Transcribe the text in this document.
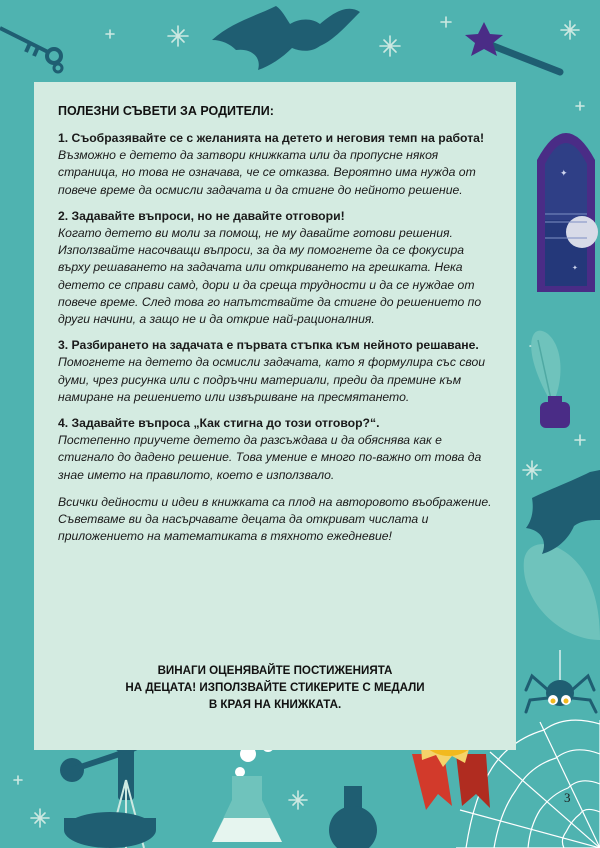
✦
✦
ПОЛЕЗНИ СЪВЕТИ ЗА РОДИТЕЛИ:
1. Съобразявайте се с желанията на детето и неговия темп на работа!
Възможно е детето да затвори книжката или да пропусне някоя страница, но това не означава, че се отказва. Вероятно има нужда от повече време да осмисли задачата и да стигне до нейното решение.
2. Задавайте въпроси, но не давайте отговори!
Когато детето ви моли за помощ, не му давайте готови решения. Използвайте насочващи въпроси, за да му помогнете да се фокусира върху решаването на задачата или откриването на грешката. Нека детето се справи самò, дори и да среща трудности и да се нуждае от повече време. След това го напътствайте да стигне до решението по други начини, а защо не и да открие най-рационалния.
3. Разбирането на задачата е първата стъпка към нейното решаване.
Помогнете на детето да осмисли задачата, като я формулира със свои думи, чрез рисунка или с подръчни материали, преди да премине към намиране на решението или извършване на пресмятането.
4. Задавайте въпроса „Как стигна до този отговор?“.
Постепенно приучете детето да разсъждава и да обяснява как е стигнало до дадено решение. Това умение е много по-важно от това да знае името на правилото, което е използвало.
Всички дейности и идеи в книжката са плод на авторовото въображение. Съветваме ви да насърчавате децата да откриват числата и приложението на математиката в тяхното ежедневие!
ВИНАГИ ОЦЕНЯВАЙТЕ ПОСТИЖЕНИЯТА
НА ДЕЦАТА! ИЗПОЛЗВАЙТЕ СТИКЕРИТЕ С МЕДАЛИ
В КРАЯ НА КНИЖКАТА.
3
